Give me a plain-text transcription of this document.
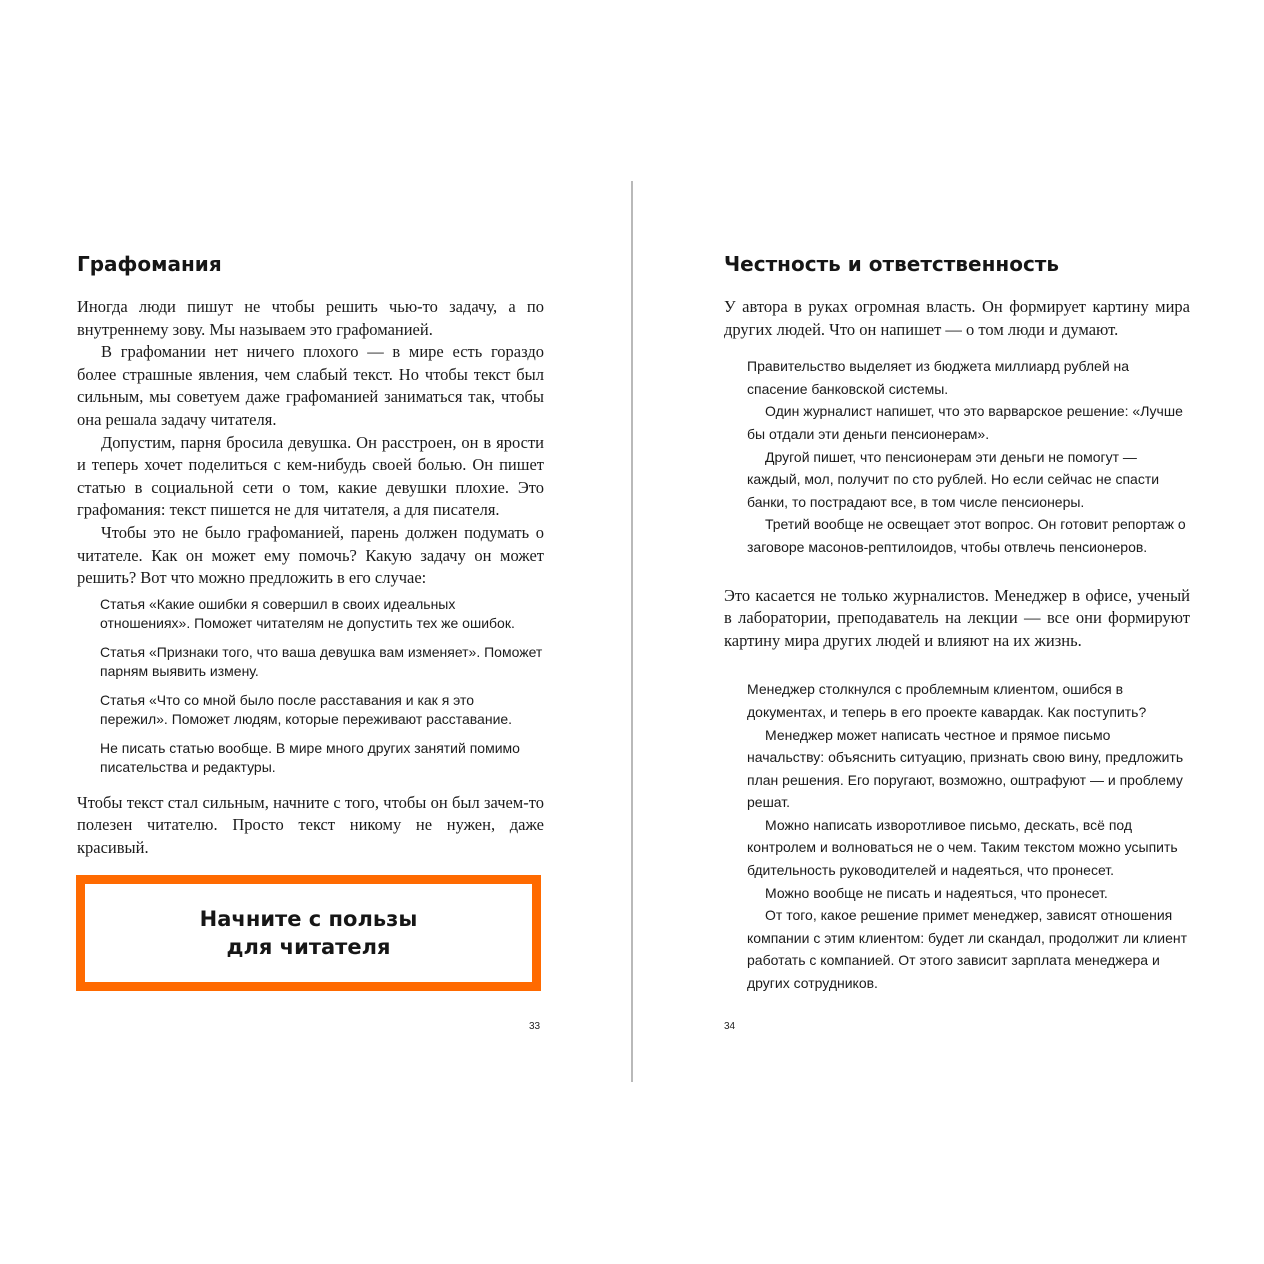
Графомания
Иногда люди пишут не чтобы решить чью-то задачу, а по внутреннему зову. Мы называем это графоманией.
В графомании нет ничего плохого — в мире есть гораздо более страшные явления, чем слабый текст. Но чтобы текст был сильным, мы советуем даже графоманией заниматься так, чтобы она решала задачу читателя.
Допустим, парня бросила девушка. Он расстроен, он в ярости и теперь хочет поделиться с кем-нибудь своей болью. Он пишет статью в социальной сети о том, какие девушки плохие. Это графомания: текст пишется не для читателя, а для писателя.
Чтобы это не было графоманией, парень должен подумать о читателе. Как он может ему помочь? Какую задачу он может решить? Вот что можно предложить в его случае:
Статья «Какие ошибки я совершил в своих идеальных отношениях». Поможет читателям не допустить тех же ошибок.
Статья «Признаки того, что ваша девушка вам изменяет». Поможет парням выявить измену.
Статья «Что со мной было после расставания и как я это пережил». Поможет людям, которые переживают расставание.
Не писать статью вообще. В мире много других занятий помимо писательства и редактуры.
Чтобы текст стал сильным, начните с того, чтобы он был зачем-то полезен читателю. Просто текст никому не нужен, даже красивый.
Начните с пользы
для читателя
Честность и ответственность
У автора в руках огромная власть. Он формирует картину мира других людей. Что он напишет — о том люди и думают.
Правительство выделяет из бюджета миллиард рублей на спасение банковской системы.
Один журналист напишет, что это варварское решение: «Лучше бы отдали эти деньги пенсионерам».
Другой пишет, что пенсионерам эти деньги не помогут — каждый, мол, получит по сто рублей. Но если сейчас не спасти банки, то пострадают все, в том числе пенсионеры.
Третий вообще не освещает этот вопрос. Он готовит репортаж о заговоре масонов-рептилоидов, чтобы отвлечь пенсионеров.
Это касается не только журналистов. Менеджер в офисе, ученый в лаборатории, преподаватель на лекции — все они формируют картину мира других людей и влияют на их жизнь.
Менеджер столкнулся с проблемным клиентом, ошибся в документах, и теперь в его проекте кавардак. Как поступить?
Менеджер может написать честное и прямое письмо начальству: объяснить ситуацию, признать свою вину, предложить план решения. Его поругают, возможно, оштрафуют — и проблему решат.
Можно написать изворотливое письмо, дескать, всё под контролем и волноваться не о чем. Таким текстом можно усыпить бдительность руководителей и надеяться, что пронесет.
Можно вообще не писать и надеяться, что пронесет.
От того, какое решение примет менеджер, зависят отношения компании с этим клиентом: будет ли скандал, продолжит ли клиент работать с компанией. От этого зависит зарплата менеджера и других сотрудников.
33	34
